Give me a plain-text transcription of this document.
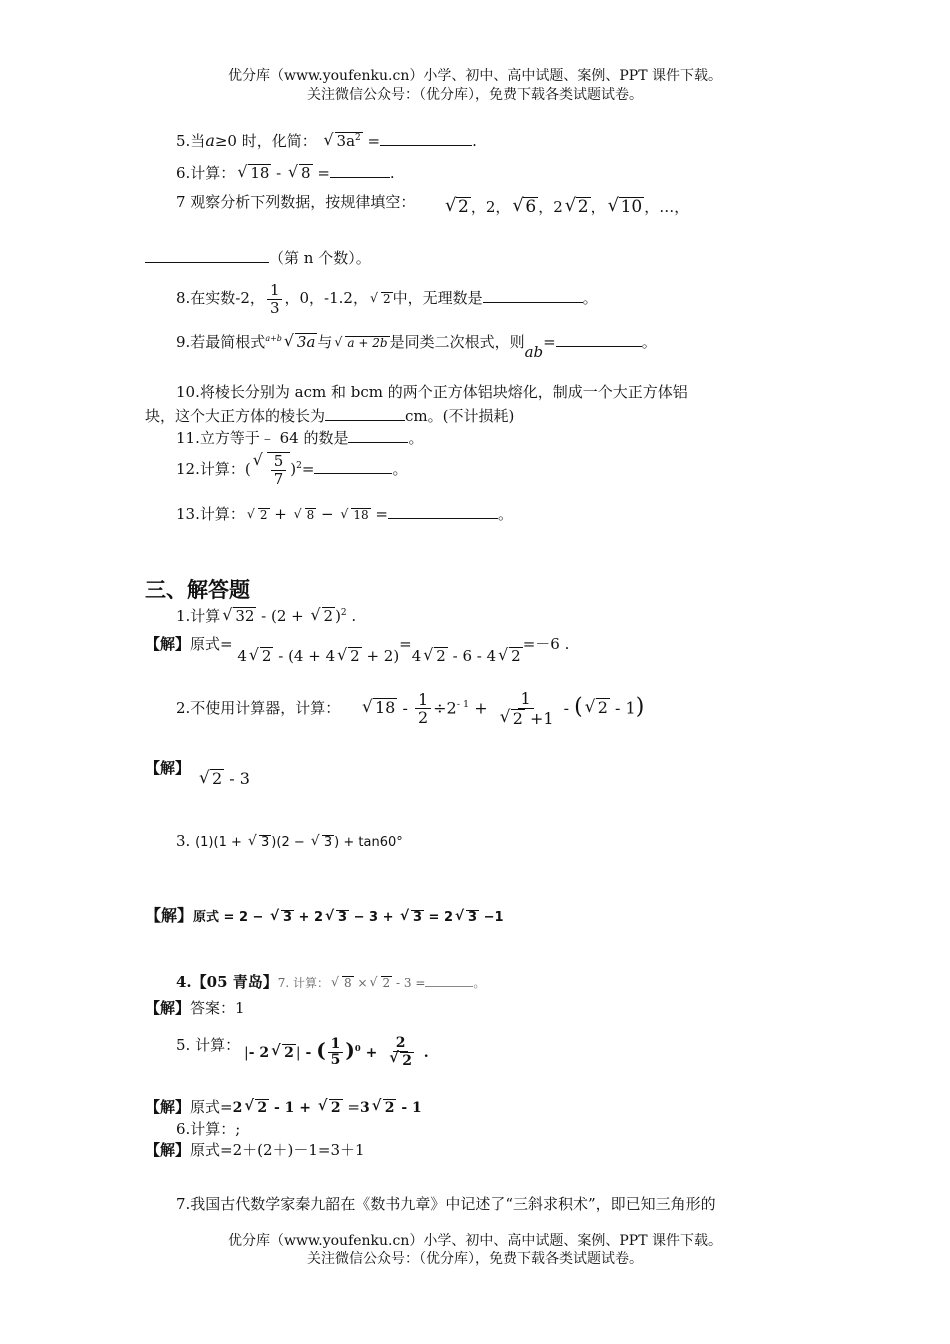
优分库（www.youfenku.cn）小学、初中、高中试题、案例、PPT 课件下载。
关注微信公众号：（优分库），免费下载各类试题试卷。
5.当a≥0 时，化简： √ $3a^2$ =	.
6.计算： √ 18 - √ 8 =	.
7 观察分析下列数据，按规律填空：	√ 2 ，2， √ 6 ，2 √ 2 ， √ 10 ，…，
（第 n 个数）。
8.在实数-2， $\frac{1}{3}$ ，0，-1.2， √ 2 中，无理数是	。
9.若最简根式$^{a+b}$ √ 3a 与 √ a + 2b 是同类二次根式，则ab=	。
10.将棱长分别为 acm 和 bcm 的两个正方体铝块熔化，制成一个大正方体铝
块，这个大正方体的棱长为	cm。(不计损耗)
11.立方等于﹣ 64 的数是	。
12.计算：( √ $\frac{5}{7} )^2=$	。
13.计算： √ 2 + √ 8 − √ 18 =	。
三、解答题
1.计算 √ 32 - (2 + √ 2 )$^2$ .
【解】原式= 4 √ 2 - (4 + 4 √ 2 + 2)=4 √ 2 - 6 - 4 √ 2=－6 .
2.不使用计算器，计算：	√ $18 - \frac{1}{2} \div 2^{- 1} + 1$
√ 2 +1 - ( √ 2 - 1)
【解】
√ 2 - 3
3. (1)(1 + √ 3 )(2 − √ 3 ) + tan60°
【解】原式 = 2 − √ 3 + 2 √ 3 − 3 + √ 3 = 2 √ 3 −1
4.【05 青岛】7. 计算： √ 8 × √ 2 - 3 =	。
【解】答案：1
5. 计算： |- 2 √ 2 | - ( $\frac{1}{5} )^0 + 2$
√ 2 .
【解】原式=2 √ 2 - 1 + √ 2 =3 √ 2 - 1
6.计算：;
【解】原式=2＋(2＋)－1=3＋1
7.我国古代数学家秦九韶在《数书九章》中记述了“三斜求积术”，即已知三角形的
优分库（www.youfenku.cn）小学、初中、高中试题、案例、PPT 课件下载。
关注微信公众号：（优分库），免费下载各类试题试卷。
